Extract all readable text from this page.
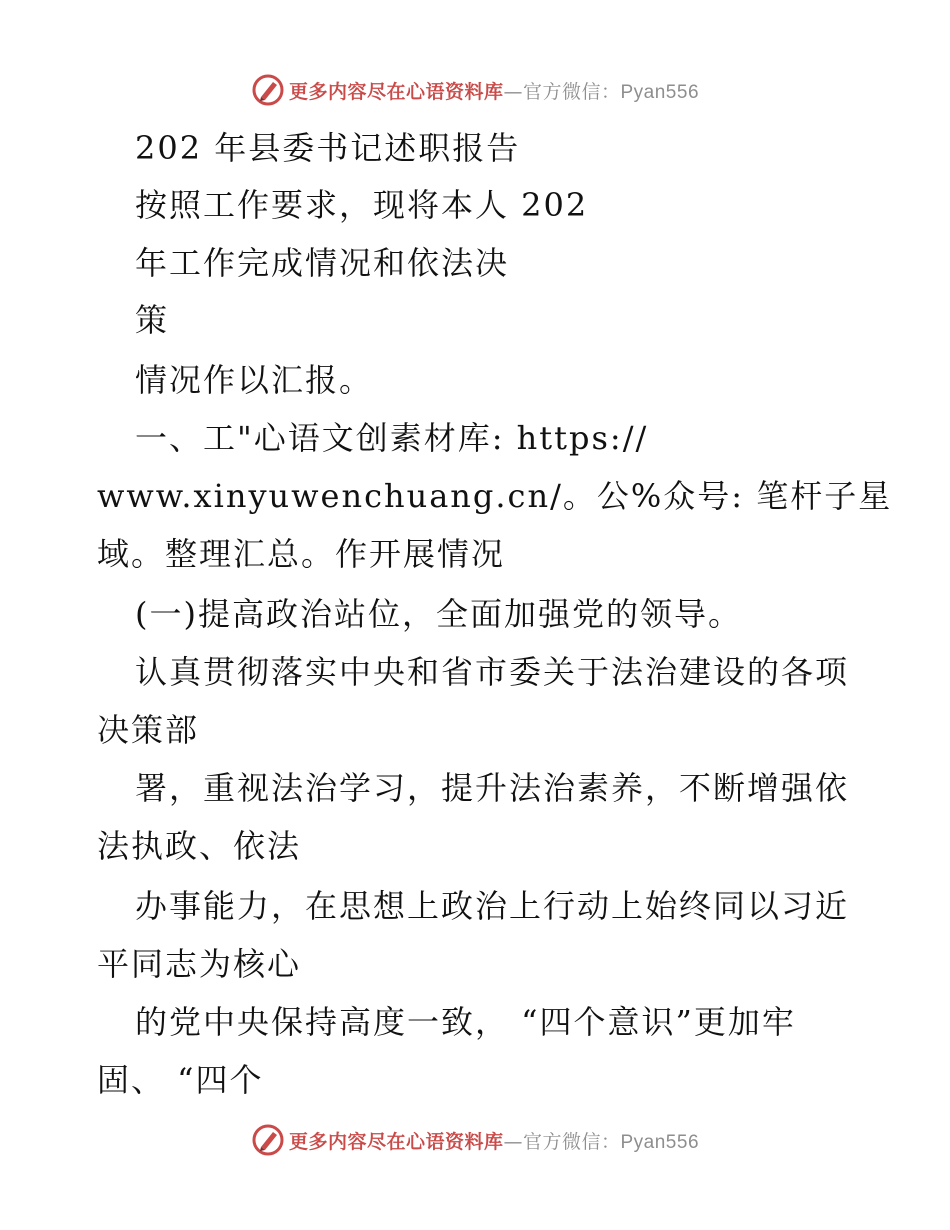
更多内容尽在心语资料库—官方微信：Pyan556
202 年县委书记述职报告
按照工作要求，现将本人 202
年工作完成情况和依法决
策
情况作以汇报。
一、工"心语文创素材库: https://
www.xinyuwenchuang.cn/。公%众号: 笔杆子星
域。整理汇总。作开展情况
(一)提高政治站位，全面加强党的领导。
认真贯彻落实中央和省市委关于法治建设的各项
决策部
署，重视法治学习，提升法治素养，不断增强依
法执政、依法
办事能力，在思想上政治上行动上始终同以习近
平同志为核心
的党中央保持高度一致， “四个意识”更加牢
固、 “四个
更多内容尽在心语资料库—官方微信：Pyan556
